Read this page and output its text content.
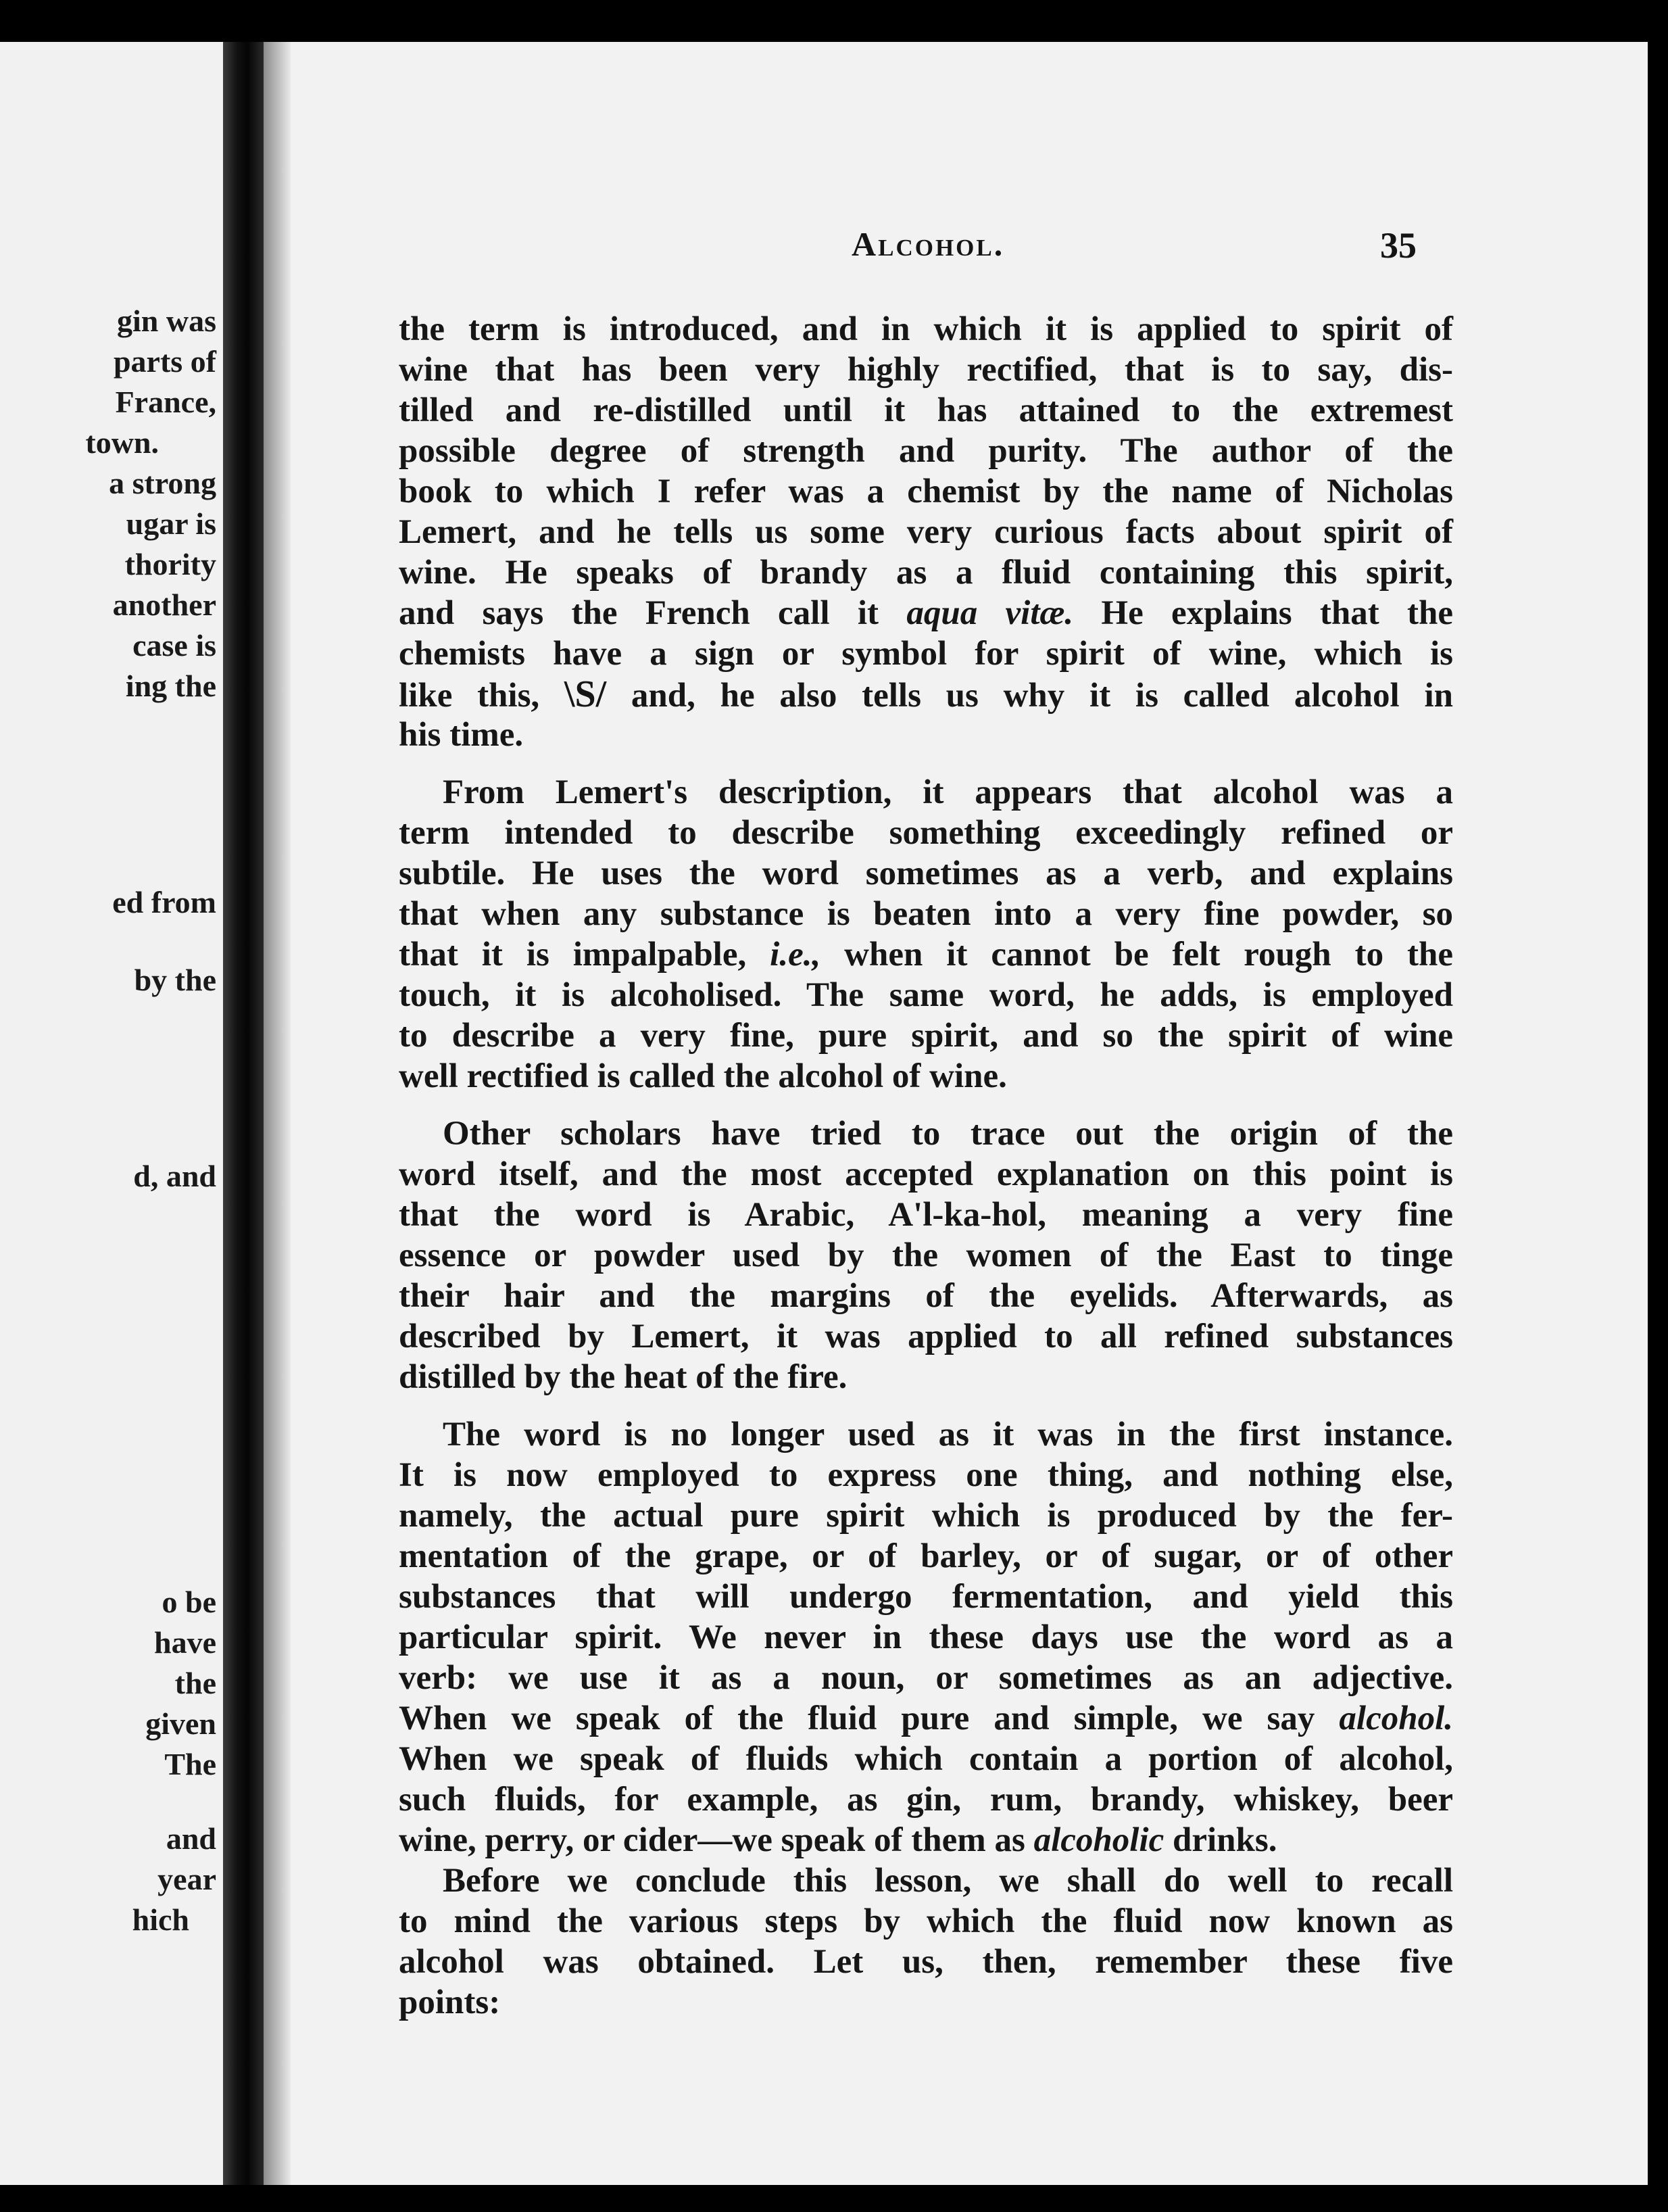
gin was
parts of
France,
town.
a strong
ugar is
thority
another
case is
ing the
ed from
by the
d, and
o be
have
the
given
The
and
year
hich
Alcohol.	35
the term is introduced, and in which it is applied to spirit of
wine that has been very highly rectified, that is to say, dis-
tilled and re-distilled until it has attained to the extremest
possible degree of strength and purity. The author of the
book to which I refer was a chemist by the name of Nicholas
Lemert, and he tells us some very curious facts about spirit of
wine. He speaks of brandy as a fluid containing this spirit,
and says the French call it aqua vitæ. He explains that the
chemists have a sign or symbol for spirit of wine, which is
like this, \S/ and, he also tells us why it is called alcohol in
his time.
From Lemert's description, it appears that alcohol was a
term intended to describe something exceedingly refined or
subtile. He uses the word sometimes as a verb, and explains
that when any substance is beaten into a very fine powder, so
that it is impalpable, i.e., when it cannot be felt rough to the
touch, it is alcoholised. The same word, he adds, is employed
to describe a very fine, pure spirit, and so the spirit of wine
well rectified is called the alcohol of wine.
Other scholars have tried to trace out the origin of the
word itself, and the most accepted explanation on this point is
that the word is Arabic, A'l-ka-hol, meaning a very fine
essence or powder used by the women of the East to tinge
their hair and the margins of the eyelids. Afterwards, as
described by Lemert, it was applied to all refined substances
distilled by the heat of the fire.
The word is no longer used as it was in the first instance.
It is now employed to express one thing, and nothing else,
namely, the actual pure spirit which is produced by the fer-
mentation of the grape, or of barley, or of sugar, or of other
substances that will undergo fermentation, and yield this
particular spirit. We never in these days use the word as a
verb: we use it as a noun, or sometimes as an adjective.
When we speak of the fluid pure and simple, we say alcohol.
When we speak of fluids which contain a portion of alcohol,
such fluids, for example, as gin, rum, brandy, whiskey, beer
wine, perry, or cider—we speak of them as alcoholic drinks.
Before we conclude this lesson, we shall do well to recall
to mind the various steps by which the fluid now known as
alcohol was obtained. Let us, then, remember these five
points:
